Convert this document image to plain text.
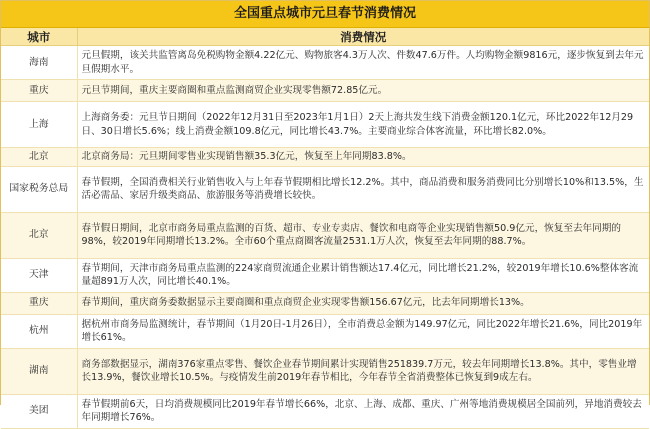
全国重点城市元旦春节消费情况
城市	消费情况
海南	元旦假期，该关共监管离岛免税购物金额4.22亿元、购物旅客4.3万人次、件数47.6万件。人均购物金额9816元，逐步恢复到去年元旦假期水平。
重庆	元旦节期间，重庆主要商圈和重点监测商贸企业实现零售额72.85亿元。
上海	上海商务委：元旦节日期间（2022年12月31日至2023年1月1日）2天上海共发生线下消费金额120.1亿元，环比2022年12月29日、30日增长5.6%；线上消费金额109.8亿元，同比增长43.7%。主要商业综合体客流量，环比增长82.0%。
北京	北京商务局：元旦期间零售业实现销售额35.3亿元，恢复至上年同期83.8%。
国家税务总局	春节假期，全国消费相关行业销售收入与上年春节假期相比增长12.2%。其中，商品消费和服务消费同比分别增长10%和13.5%，生活必需品、家居升级类商品、旅游服务等消费增长较快。
北京	春节假日期间，北京市商务局重点监测的百货、超市、专业专卖店、餐饮和电商等企业实现销售额50.9亿元，恢复至去年同期的98%，较2019年同期增长13.2%。全市60个重点商圈客流量2531.1万人次，恢复至去年同期的88.7%。
天津	春节期间，天津市商务局重点监测的224家商贸流通企业累计销售额达17.4亿元，同比增长21.2%，较2019年增长10.6%整体客流量超891万人次，同比增长40.1%。
重庆	春节期间，重庆商务委数据显示主要商圈和重点商贸企业实现零售额156.67亿元，比去年同期增长13%。
杭州	据杭州市商务局监测统计，春节期间（1月20日-1月26日），全市消费总金额为149.97亿元，同比2022年增长21.6%，同比2019年增长61%。
湖南	商务部数据显示，湖南376家重点零售、餐饮企业春节期间累计实现销售251839.7万元，较去年同期增长13.8%。其中，零售业增长13.9%，餐饮业增长10.5%。与疫情发生前2019年春节相比，今年春节全省消费整体已恢复到9成左右。
美团	春节假期前6天，日均消费规模同比2019年春节增长66%，北京、上海、成都、重庆、广州等地消费规模居全国前列，异地消费较去年同期增长76%。
